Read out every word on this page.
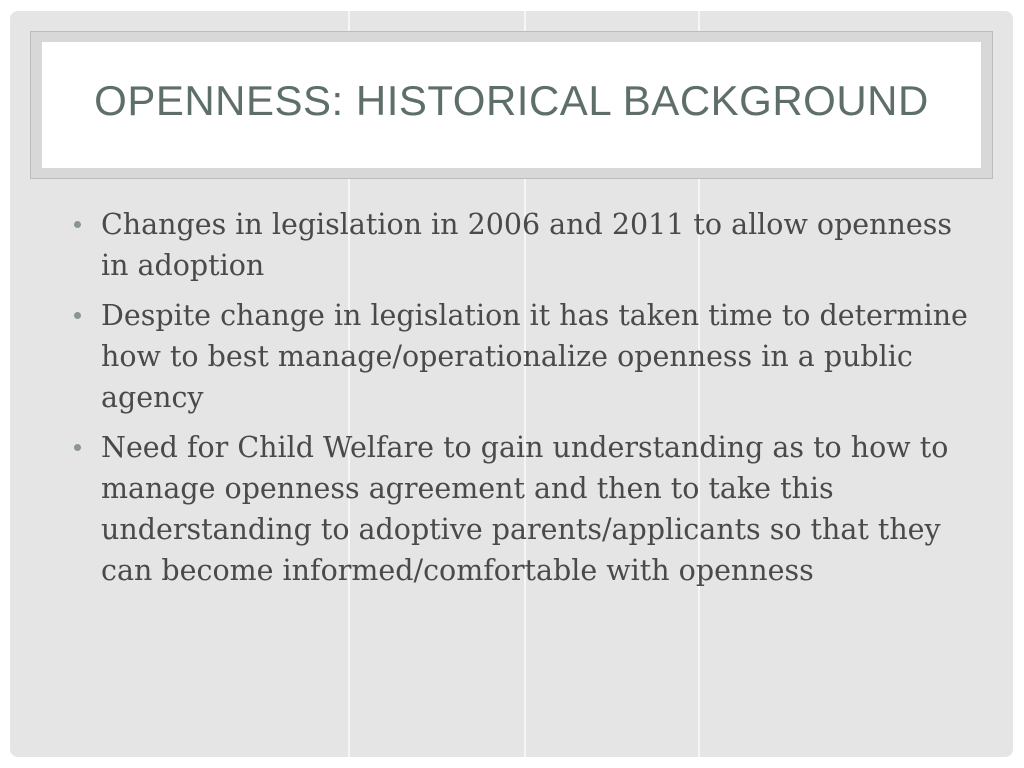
OPENNESS: HISTORICAL BACKGROUND
Changes in legislation in 2006 and 2011 to allow openness in adoption
Despite change in legislation it has taken time to determine how to best manage/operationalize openness in a public agency
Need for Child Welfare to gain understanding as to how to manage openness agreement and then to take this understanding to adoptive parents/applicants so that they can become informed/comfortable with openness
